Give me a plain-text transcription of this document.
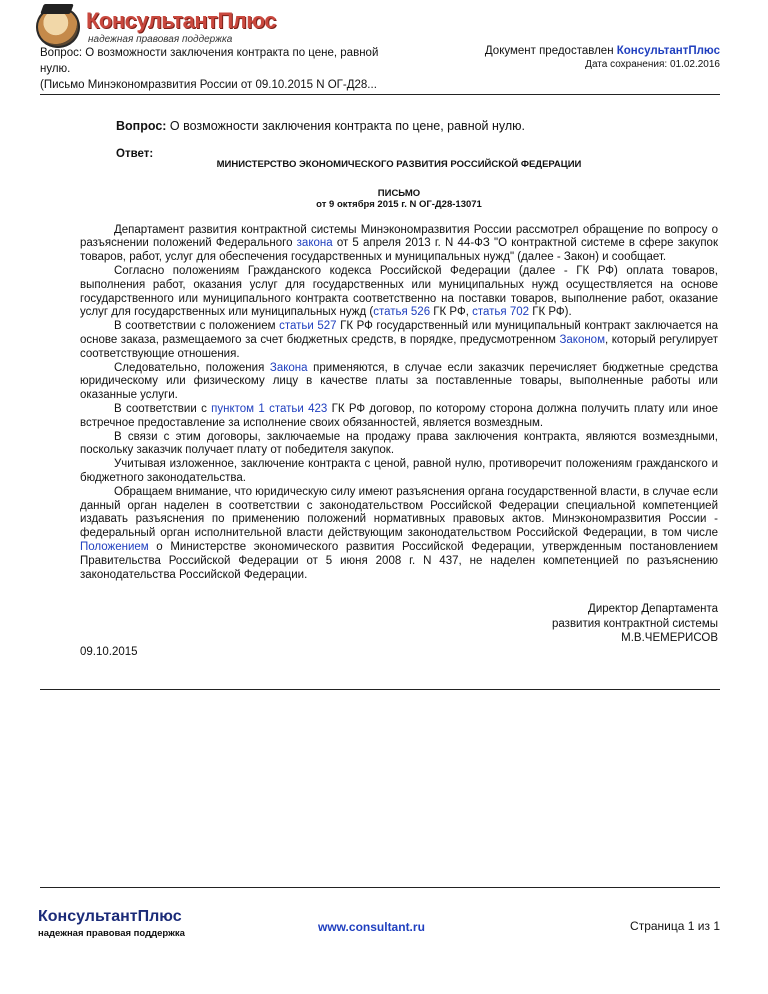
КонсультантПлюс
надежная правовая поддержка
Вопрос: О возможности заключения контракта по цене, равной
нулю.
(Письмо Минэкономразвития России от 09.10.2015 N ОГ-Д28...
Документ предоставлен КонсультантПлюс
Дата сохранения: 01.02.2016
Вопрос: О возможности заключения контракта по цене, равной нулю.
Ответ:
МИНИСТЕРСТВО ЭКОНОМИЧЕСКОГО РАЗВИТИЯ РОССИЙСКОЙ ФЕДЕРАЦИИ
ПИСЬМО
от 9 октября 2015 г. N ОГ-Д28-13071

Департамент развития контрактной системы Минэкономразвития России рассмотрел обращение по вопросу о разъяснении положений Федерального закона от 5 апреля 2013 г. N 44-ФЗ "О контрактной системе в сфере закупок товаров, работ, услуг для обеспечения государственных и муниципальных нужд" (далее - Закон) и сообщает.

Согласно положениям Гражданского кодекса Российской Федерации (далее - ГК РФ) оплата товаров, выполнения работ, оказания услуг для государственных или муниципальных нужд осуществляется на основе государственного или муниципального контракта соответственно на поставки товаров, выполнение работ, оказание услуг для государственных или муниципальных нужд (статья 526 ГК РФ, статья 702 ГК РФ).

В соответствии с положением статьи 527 ГК РФ государственный или муниципальный контракт заключается на основе заказа, размещаемого за счет бюджетных средств, в порядке, предусмотренном Законом, который регулирует соответствующие отношения.

Следовательно, положения Закона применяются, в случае если заказчик перечисляет бюджетные средства юридическому или физическому лицу в качестве платы за поставленные товары, выполненные работы или оказанные услуги.

В соответствии с пунктом 1 статьи 423 ГК РФ договор, по которому сторона должна получить плату или иное встречное предоставление за исполнение своих обязанностей, является возмездным.

В связи с этим договоры, заключаемые на продажу права заключения контракта, являются возмездными, поскольку заказчик получает плату от победителя закупок.

Учитывая изложенное, заключение контракта с ценой, равной нулю, противоречит положениям гражданского и бюджетного законодательства.

Обращаем внимание, что юридическую силу имеют разъяснения органа государственной власти, в случае если данный орган наделен в соответствии с законодательством Российской Федерации специальной компетенцией издавать разъяснения по применению положений нормативных правовых актов. Минэкономразвития России - федеральный орган исполнительной власти действующим законодательством Российской Федерации, в том числе Положением о Министерстве экономического развития Российской Федерации, утвержденным постановлением Правительства Российской Федерации от 5 июня 2008 г. N 437, не наделен компетенцией по разъяснению законодательства Российской Федерации.

Директор Департамента
развития контрактной системы
М.В.ЧЕМЕРИСОВ
09.10.2015
КонсультантПлюс
надежная правовая поддержка	www.consultant.ru	Страница 1 из 1
